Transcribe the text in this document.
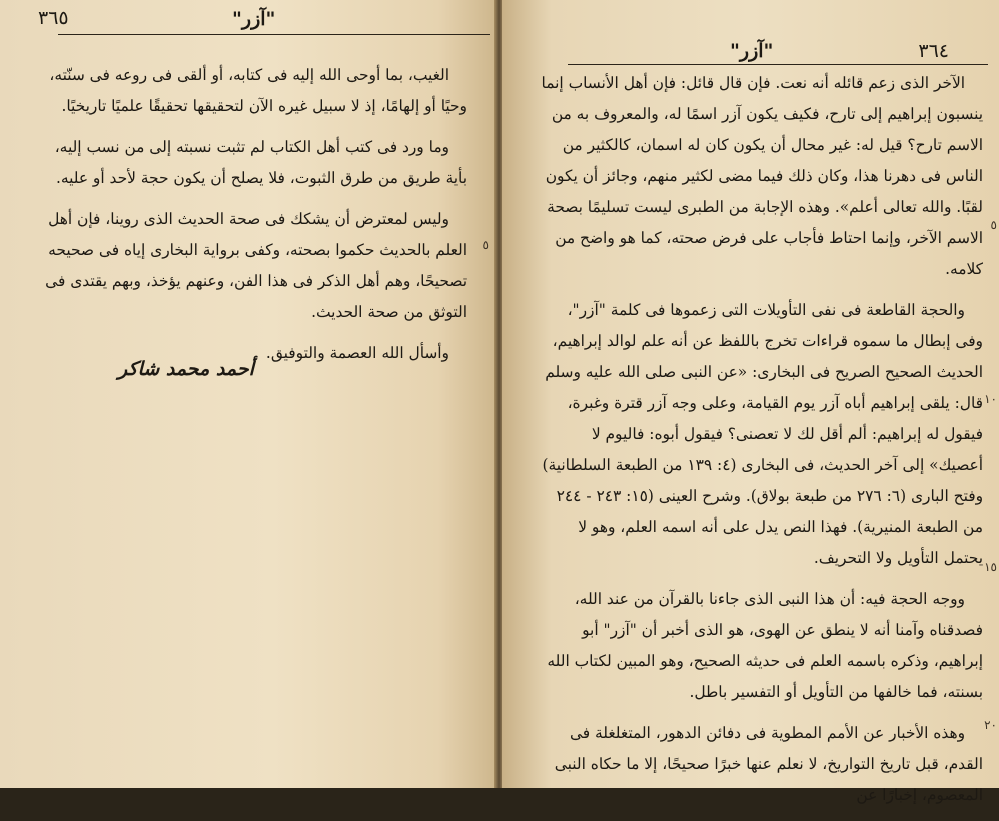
٣٦٥	"آزر"

الغيب، بما أوحى الله إليه فى كتابه، أو ألقى فى روعه فى سنّته، وحيًا أو إلهامًا، إذ لا سبيل غيره الآن لتحقيقها تحقيقًا علميًا تاريخيًا.

وما ورد فى كتب أهل الكتاب لم تثبت نسبته إلى من نسب إليه، بأية طريق من طرق الثبوت، فلا يصلح أن يكون حجة لأحد أو عليه.

وليس لمعترض أن يشكك فى صحة الحديث الذى روينا، فإن أهل العلم بالحديث حكموا بصحته، وكفى برواية البخارى إياه فى صحيحه تصحيحًا، وهم أهل الذكر فى هذا الفن، وعنهم يؤخذ، وبهم يقتدى فى التوثق من صحة الحديث.

وأسأل الله العصمة والتوفيق.

أحمد محمد شاكر
٥
٣٦٤
"آزر"

الآخر الذى زعم قائله أنه نعت. فإن قال قائل: فإن أهل الأنساب إنما ينسبون إبراهيم إلى تارح، فكيف يكون آزر اسمًا له، والمعروف به من الاسم تارح؟ قيل له: غير محال أن يكون كان له اسمان، كالكثير من الناس فى دهرنا هذا، وكان ذلك فيما مضى لكثير منهم، وجائز أن يكون لقبًا. والله تعالى أعلم». وهذه الإجابة من الطبرى ليست تسليمًا بصحة الاسم الآخر، وإنما احتاط فأجاب على فرض صحته، كما هو واضح من كلامه.

والحجة القاطعة فى نفى التأويلات التى زعموها فى كلمة "آزر"، وفى إبطال ما سموه قراءات تخرج باللفظ عن أنه علم لوالد إبراهيم، الحديث الصحيح الصريح فى البخارى: «عن النبى صلى الله عليه وسلم قال: يلقى إبراهيم أباه آزر يوم القيامة، وعلى وجه آزر قترة وغبرة، فيقول له إبراهيم: ألم أقل لك لا تعصنى؟ فيقول أبوه: فاليوم لا أعصيك» إلى آخر الحديث، فى البخارى (٤: ١٣٩ من الطبعة السلطانية) وفتح البارى (٦: ٢٧٦ من طبعة بولاق). وشرح العينى (١٥: ٢٤٣ - ٢٤٤ من الطبعة المنيرية). فهذا النص يدل على أنه اسمه العلم، وهو لا يحتمل التأويل ولا التحريف.

ووجه الحجة فيه: أن هذا النبى الذى جاءنا بالقرآن من عند الله، فصدقناه وآمنا أنه لا ينطق عن الهوى، هو الذى أخبر أن "آزر" أبو إبراهيم، وذكره باسمه العلم فى حديثه الصحيح، وهو المبين لكتاب الله بسنته، فما خالفها من التأويل أو التفسير باطل.

وهذه الأخبار عن الأمم المطوية فى دفائن الدهور، المتغلغلة فى القدم، قبل تاريخ التواريخ، لا نعلم عنها خبرًا صحيحًا، إلا ما حكاه النبى المعصوم، إخبارًا عن

٥
١٠
١٥
٢٠
